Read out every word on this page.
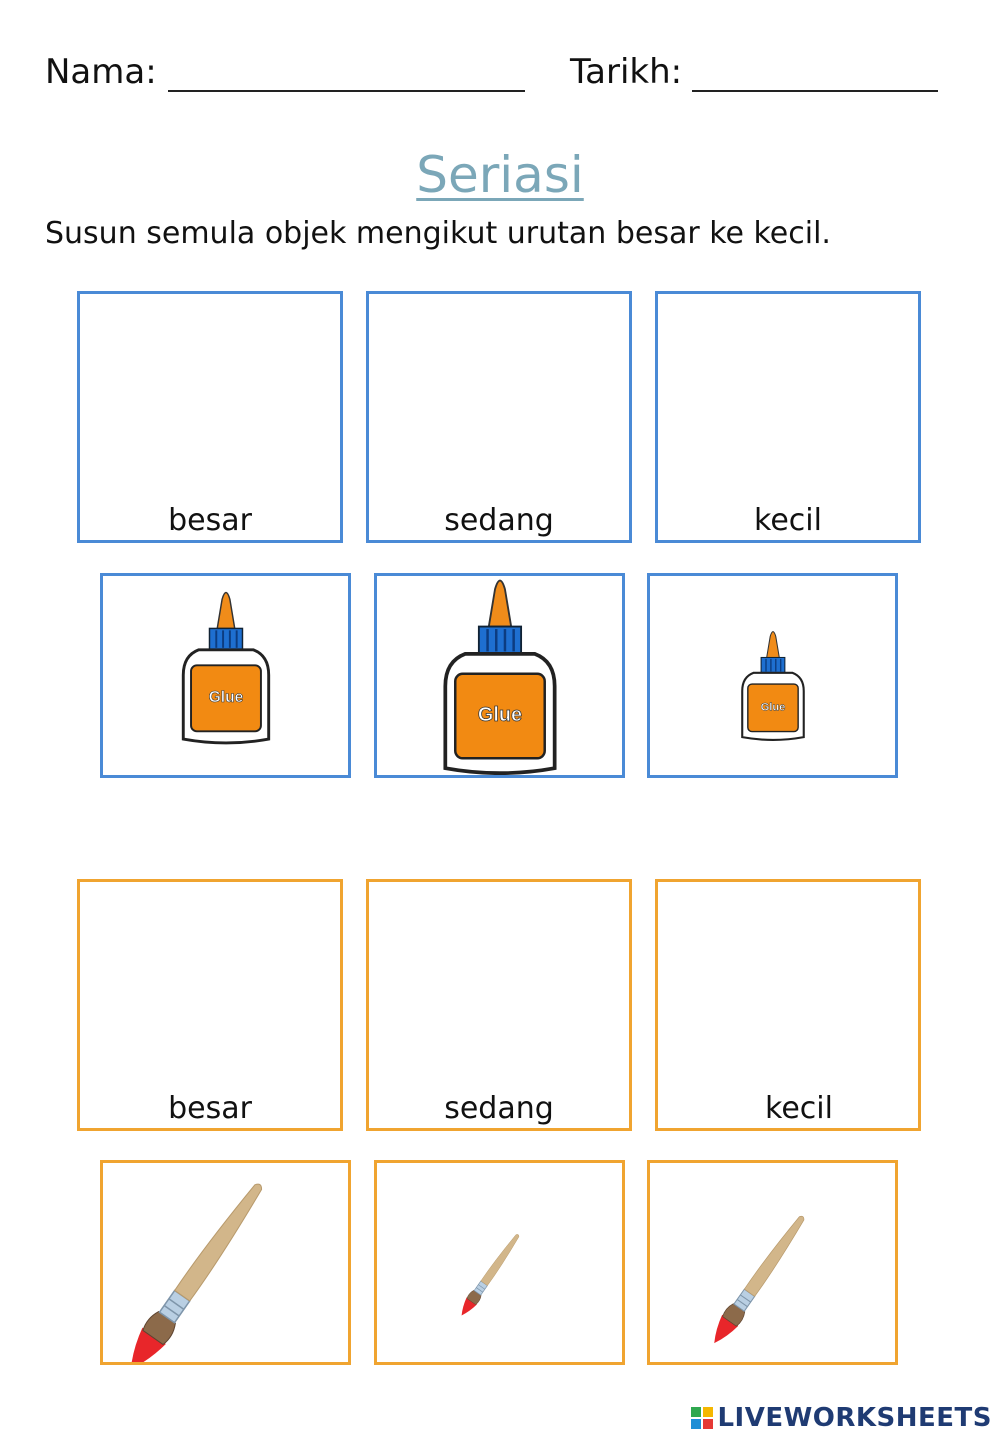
Nama:	Tarikh:
Seriasi
Susun semula objek mengikut urutan besar ke kecil.
besar	sedang	kecil
Glue
Glue	Glue
besar	sedang	kecil
LIVEWORKSHEETS
